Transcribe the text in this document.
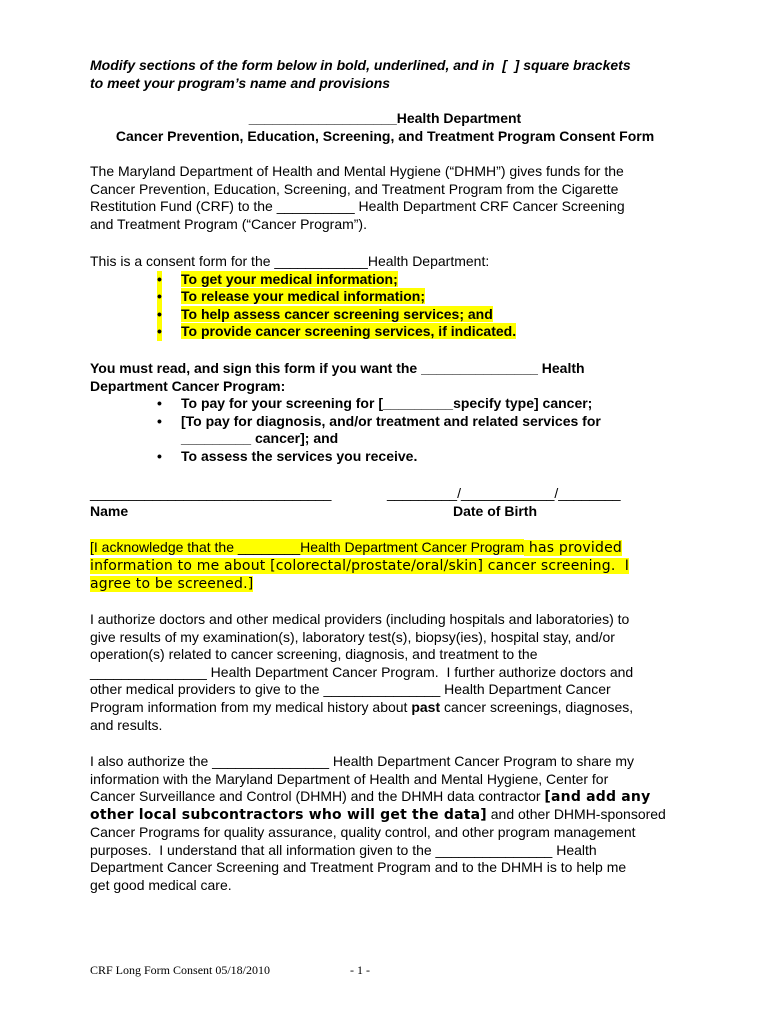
Modify sections of the form below in bold, underlined, and in  [  ] square brackets
to meet your program’s name and provisions
___________________Health Department
Cancer Prevention, Education, Screening, and Treatment Program Consent Form
The Maryland Department of Health and Mental Hygiene (“DHMH”) gives funds for the
Cancer Prevention, Education, Screening, and Treatment Program from the Cigarette
Restitution Fund (CRF) to the __________ Health Department CRF Cancer Screening
and Treatment Program (“Cancer Program”).
This is a consent form for the ____________Health Department:
• To get your medical information;
• To release your medical information;
• To help assess cancer screening services; and
• To provide cancer screening services, if indicated.
You must read, and sign this form if you want the _______________ Health
Department Cancer Program:
• To pay for your screening for [_________specify type] cancer;
• [To pay for diagnosis, and/or treatment and related services for
_________ cancer]; and
• To assess the services you receive.
_______________________________	_________/____________/________
Name	Date of Birth
[I acknowledge that the ________Health Department Cancer Program has provided
information to me about [colorectal/prostate/oral/skin] cancer screening.  I
agree to be screened.]
I authorize doctors and other medical providers (including hospitals and laboratories) to
give results of my examination(s), laboratory test(s), biopsy(ies), hospital stay, and/or
operation(s) related to cancer screening, diagnosis, and treatment to the
_______________ Health Department Cancer Program.  I further authorize doctors and
other medical providers to give to the _______________ Health Department Cancer
Program information from my medical history about past cancer screenings, diagnoses,
and results.
I also authorize the _______________ Health Department Cancer Program to share my
information with the Maryland Department of Health and Mental Hygiene, Center for
Cancer Surveillance and Control (DHMH) and the DHMH data contractor [and add any
other local subcontractors who will get the data] and other DHMH-sponsored
Cancer Programs for quality assurance, quality control, and other program management
purposes.  I understand that all information given to the _______________ Health
Department Cancer Screening and Treatment Program and to the DHMH is to help me
get good medical care.
CRF Long Form Consent 05/18/2010	- 1 -
